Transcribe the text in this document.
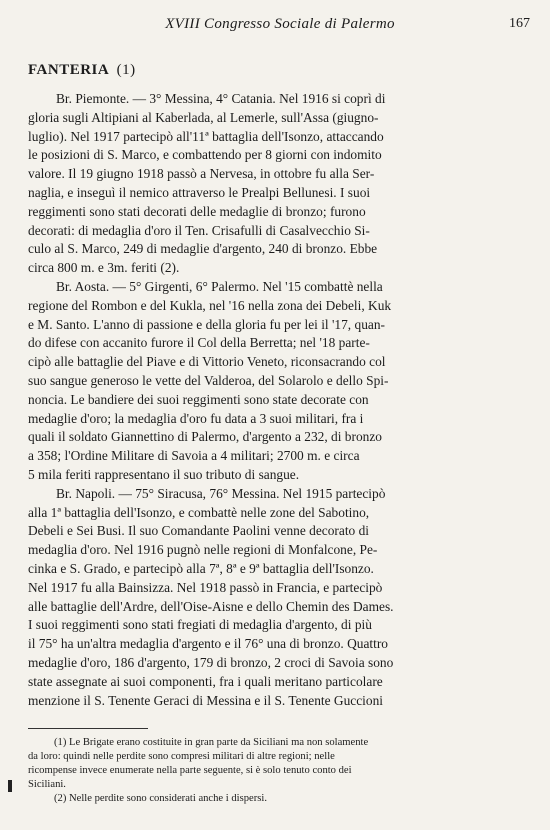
XVIII Congresso Sociale di Palermo	167
FANTERIA (1)
Br. Piemonte. — 3° Messina, 4° Catania. Nel 1916 si coprì di
gloria sugli Altipiani al Kaberlada, al Lemerle, sull'Assa (giugno-
luglio). Nel 1917 partecipò all'11ª battaglia dell'Isonzo, attaccando
le posizioni di S. Marco, e combattendo per 8 giorni con indomito
valore. Il 19 giugno 1918 passò a Nervesa, in ottobre fu alla Ser-
naglia, e inseguì il nemico attraverso le Prealpi Bellunesi. I suoi
reggimenti sono stati decorati delle medaglie di bronzo; furono
decorati: di medaglia d'oro il Ten. Crisafulli di Casalvecchio Si-
culo al S. Marco, 249 di medaglie d'argento, 240 di bronzo. Ebbe
circa 800 m. e 3m. feriti (2).
Br. Aosta. — 5° Girgenti, 6° Palermo. Nel '15 combattè nella
regione del Rombon e del Kukla, nel '16 nella zona dei Debeli, Kuk
e M. Santo. L'anno di passione e della gloria fu per lei il '17, quan-
do difese con accanito furore il Col della Berretta; nel '18 parte-
cipò alle battaglie del Piave e di Vittorio Veneto, riconsacrando col
suo sangue generoso le vette del Valderoa, del Solarolo e dello Spi-
noncia. Le bandiere dei suoi reggimenti sono state decorate con
medaglie d'oro; la medaglia d'oro fu data a 3 suoi militari, fra i
quali il soldato Giannettino di Palermo, d'argento a 232, di bronzo
a 358; l'Ordine Militare di Savoia a 4 militari; 2700 m. e circa
5 mila feriti rappresentano il suo tributo di sangue.
Br. Napoli. — 75° Siracusa, 76° Messina. Nel 1915 partecipò
alla 1ª battaglia dell'Isonzo, e combattè nelle zone del Sabotino,
Debeli e Sei Busi. Il suo Comandante Paolini venne decorato di
medaglia d'oro. Nel 1916 pugnò nelle regioni di Monfalcone, Pe-
cinka e S. Grado, e partecipò alla 7ª, 8ª e 9ª battaglia dell'Isonzo.
Nel 1917 fu alla Bainsizza. Nel 1918 passò in Francia, e partecipò
alle battaglie dell'Ardre, dell'Oise-Aisne e dello Chemin des Dames.
I suoi reggimenti sono stati fregiati di medaglia d'argento, di più
il 75° ha un'altra medaglia d'argento e il 76° una di bronzo. Quattro
medaglie d'oro, 186 d'argento, 179 di bronzo, 2 croci di Savoia sono
state assegnate ai suoi componenti, fra i quali meritano particolare
menzione il S. Tenente Geraci di Messina e il S. Tenente Guccioni
(1) Le Brigate erano costituite in gran parte da Siciliani ma non solamente
da loro: quindi nelle perdite sono compresi militari di altre regioni; nelle
ricompense invece enumerate nella parte seguente, si è solo tenuto conto dei
Siciliani.
(2) Nelle perdite sono considerati anche i dispersi.
